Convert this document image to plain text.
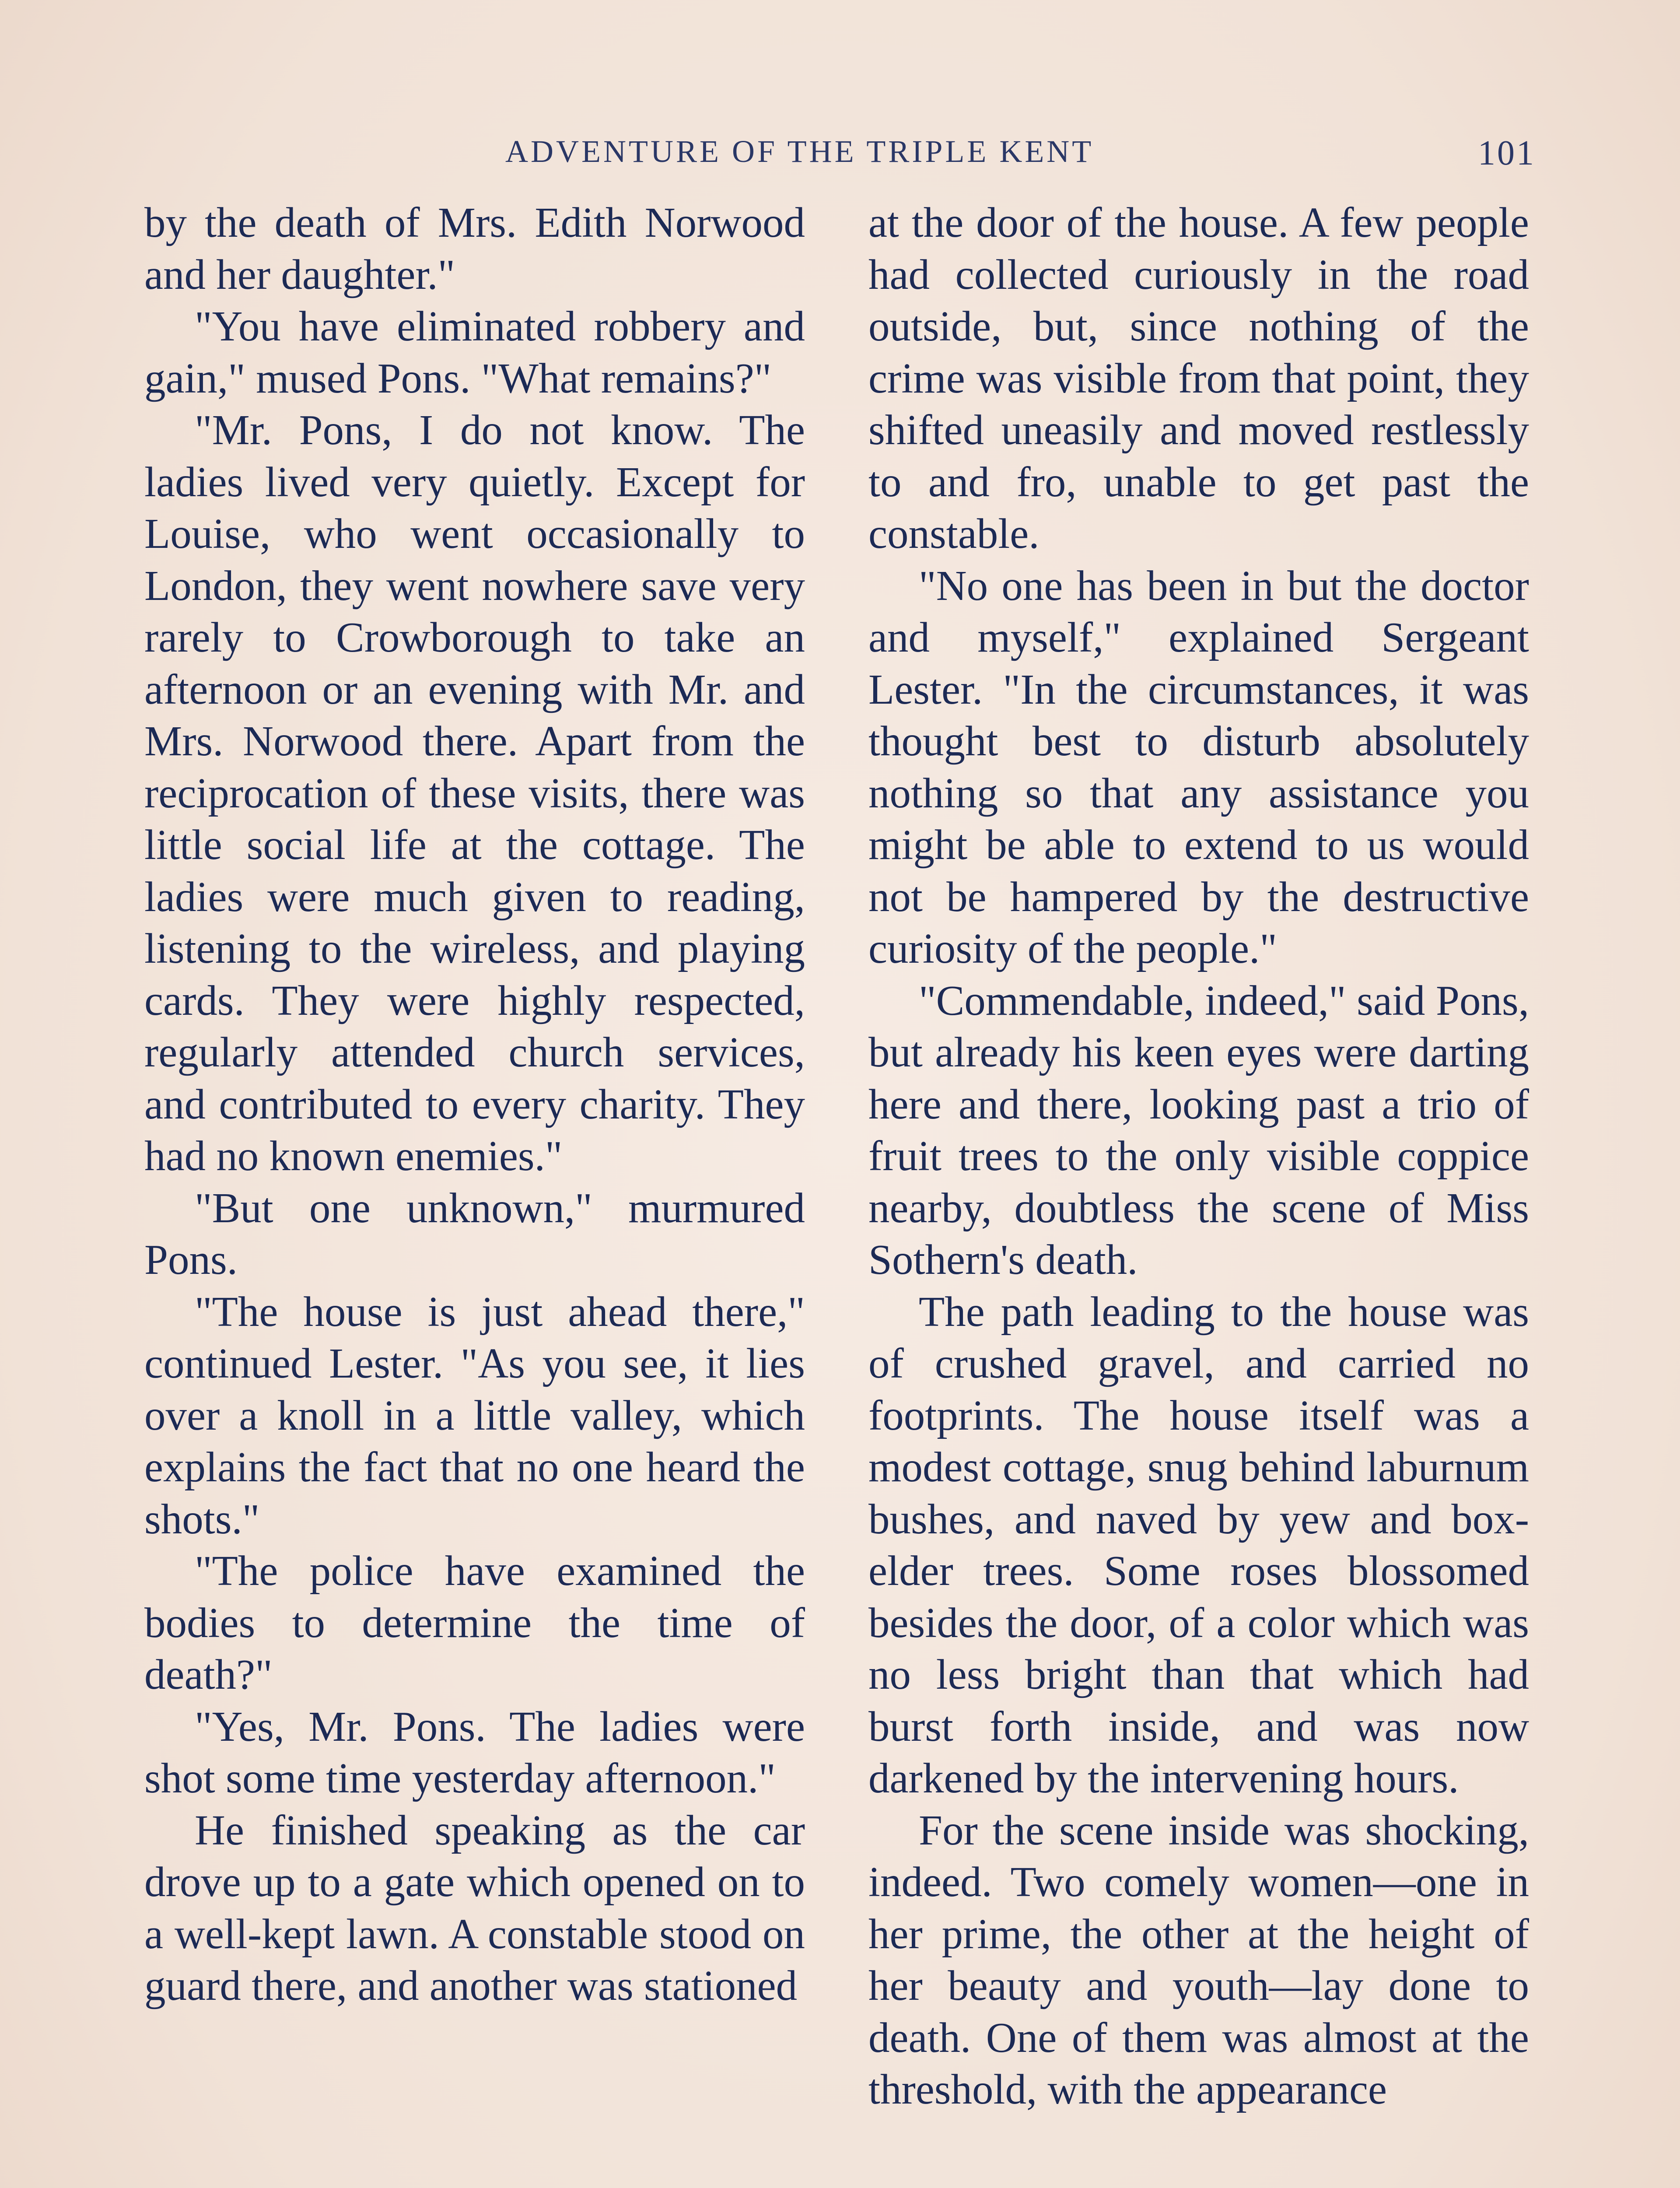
ADVENTURE OF THE TRIPLE KENT	101

by the death of Mrs. Edith Norwood and her daughter."

"You have eliminated robbery and gain," mused Pons. "What remains?"

"Mr. Pons, I do not know. The ladies lived very quietly. Except for Louise, who went occasionally to London, they went nowhere save very rarely to Crowborough to take an afternoon or an evening with Mr. and Mrs. Norwood there. Apart from the reciprocation of these visits, there was little social life at the cottage. The ladies were much given to reading, listening to the wireless, and playing cards. They were highly respected, regularly attended church services, and contributed to every charity. They had no known enemies."

"But one unknown," murmured Pons.

"The house is just ahead there," continued Lester. "As you see, it lies over a knoll in a little valley, which explains the fact that no one heard the shots."

"The police have examined the bodies to determine the time of death?"

"Yes, Mr. Pons. The ladies were shot some time yesterday afternoon."

He finished speaking as the car drove up to a gate which opened on to a well-kept lawn. A constable stood on guard there, and another was stationed

at the door of the house. A few people had collected curiously in the road outside, but, since nothing of the crime was visible from that point, they shifted uneasily and moved restlessly to and fro, unable to get past the constable.

"No one has been in but the doctor and myself," explained Sergeant Lester. "In the circumstances, it was thought best to disturb absolutely nothing so that any assistance you might be able to extend to us would not be hampered by the destructive curiosity of the people."

"Commendable, indeed," said Pons, but already his keen eyes were darting here and there, looking past a trio of fruit trees to the only visible coppice nearby, doubtless the scene of Miss Sothern's death.

The path leading to the house was of crushed gravel, and carried no footprints. The house itself was a modest cottage, snug behind laburnum bushes, and naved by yew and box-elder trees. Some roses blossomed besides the door, of a color which was no less bright than that which had burst forth inside, and was now darkened by the intervening hours.

For the scene inside was shocking, indeed. Two comely women—one in her prime, the other at the height of her beauty and youth—lay done to death. One of them was almost at the threshold, with the appearance
